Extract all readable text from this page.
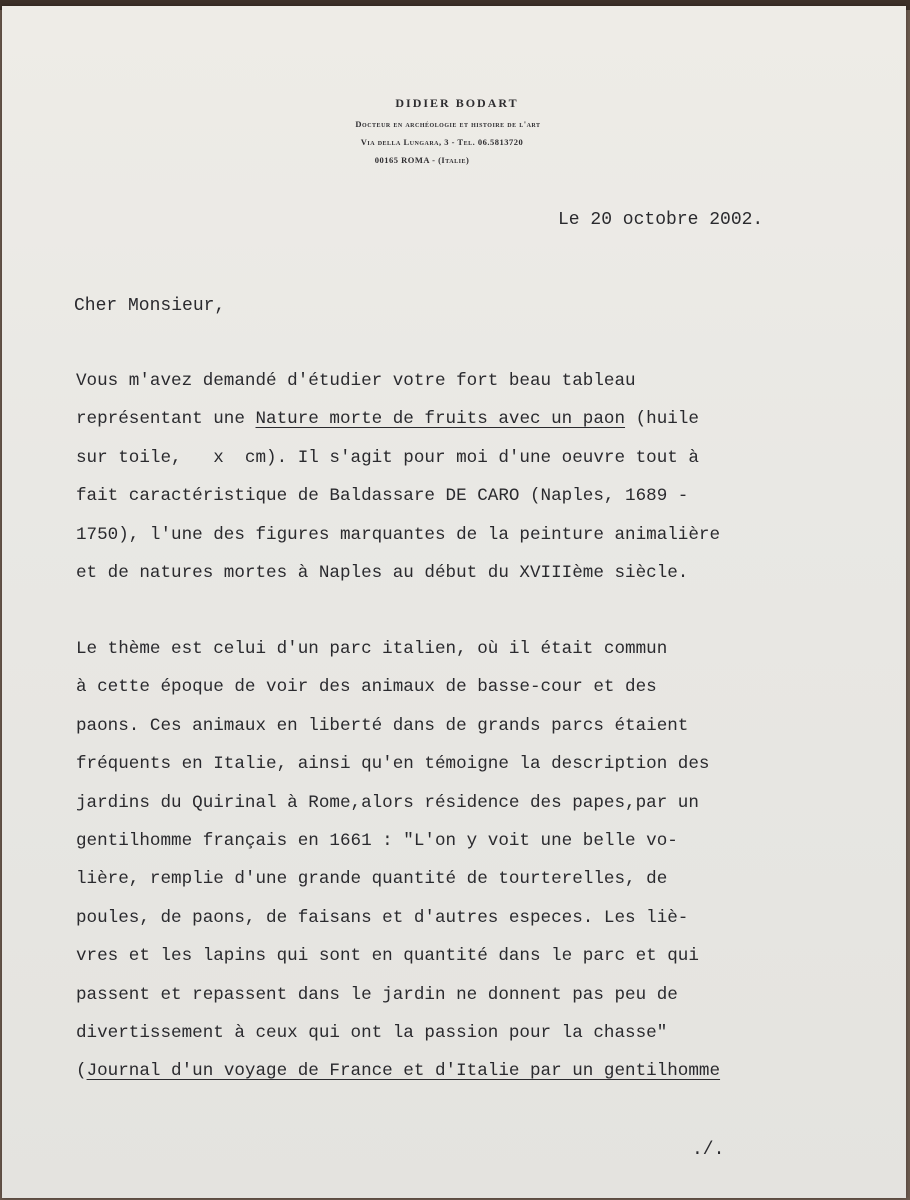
DIDIER BODART
Docteur en archéologie et histoire de l'art
Via della Lungara, 3 - Tel. 06.5813720
00165 ROMA - (Italie)
Le 20 octobre 2002.
Cher Monsieur,
Vous m'avez demandé d'étudier votre fort beau tableau
représentant une Nature morte de fruits avec un paon (huile
sur toile,   x  cm). Il s'agit pour moi d'une oeuvre tout à
fait caractéristique de Baldassare DE CARO (Naples, 1689 -
1750), l'une des figures marquantes de la peinture animalière
et de natures mortes à Naples au début du XVIIIème siècle.
Le thème est celui d'un parc italien, où il était commun
à cette époque de voir des animaux de basse-cour et des
paons. Ces animaux en liberté dans de grands parcs étaient
fréquents en Italie, ainsi qu'en témoigne la description des
jardins du Quirinal à Rome,alors résidence des papes,par un
gentilhomme français en 1661 : "L'on y voit une belle vo-
lière, remplie d'une grande quantité de tourterelles, de
poules, de paons, de faisans et d'autres especes. Les liè-
vres et les lapins qui sont en quantité dans le parc et qui
passent et repassent dans le jardin ne donnent pas peu de
divertissement à ceux qui ont la passion pour la chasse"
(Journal d'un voyage de France et d'Italie par un gentilhomme
./.
